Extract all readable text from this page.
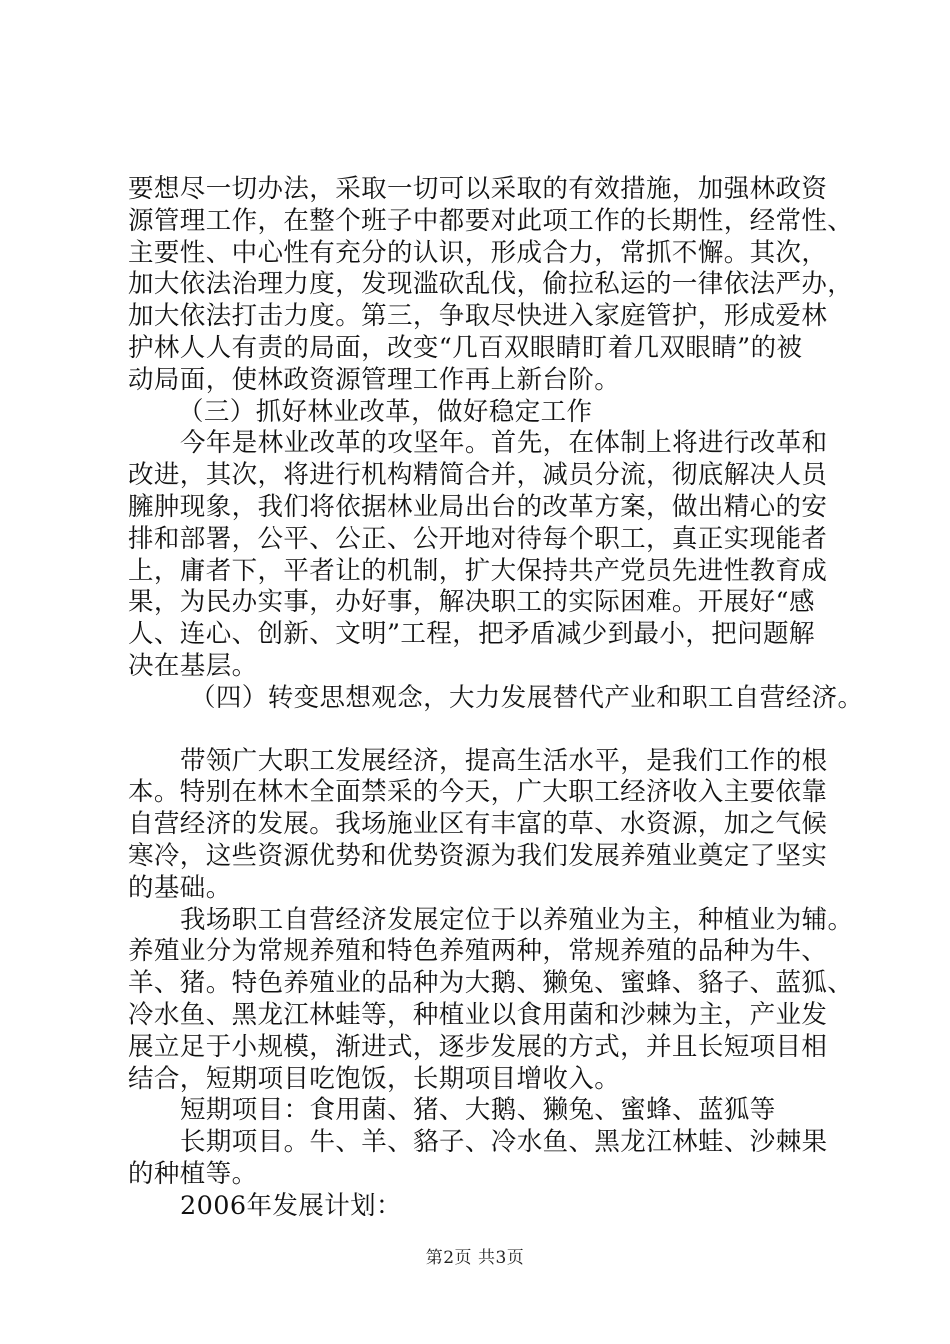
要想尽一切办法，采取一切可以采取的有效措施，加强林政资
源管理工作，在整个班子中都要对此项工作的长期性，经常性、
主要性、中心性有充分的认识，形成合力，常抓不懈。其次，
加大依法治理力度，发现滥砍乱伐，偷拉私运的一律依法严办，
加大依法打击力度。第三，争取尽快进入家庭管护，形成爱林
护林人人有责的局面，改变“几百双眼睛盯着几双眼睛”的被
动局面，使林政资源管理工作再上新台阶。
（三）抓好林业改革，做好稳定工作
今年是林业改革的攻坚年。首先，在体制上将进行改革和
改进，其次，将进行机构精简合并，减员分流，彻底解决人员
臃肿现象，我们将依据林业局出台的改革方案，做出精心的安
排和部署，公平、公正、公开地对待每个职工，真正实现能者
上，庸者下，平者让的机制，扩大保持共产党员先进性教育成
果，为民办实事，办好事，解决职工的实际困难。开展好“感
人、连心、创新、文明”工程，把矛盾减少到最小，把问题解
决在基层。
（四）转变思想观念，大力发展替代产业和职工自营经济。
带领广大职工发展经济，提高生活水平，是我们工作的根
本。特别在林木全面禁采的今天，广大职工经济收入主要依靠
自营经济的发展。我场施业区有丰富的草、水资源，加之气候
寒冷，这些资源优势和优势资源为我们发展养殖业奠定了坚实
的基础。
我场职工自营经济发展定位于以养殖业为主，种植业为辅。
养殖业分为常规养殖和特色养殖两种，常规养殖的品种为牛、
羊、猪。特色养殖业的品种为大鹅、獭兔、蜜蜂、貉子、蓝狐、
冷水鱼、黑龙江林蛙等，种植业以食用菌和沙棘为主，产业发
展立足于小规模，渐进式，逐步发展的方式，并且长短项目相
结合，短期项目吃饱饭，长期项目增收入。
短期项目：食用菌、猪、大鹅、獭兔、蜜蜂、蓝狐等
长期项目。牛、羊、貉子、冷水鱼、黑龙江林蛙、沙棘果
的种植等。
2006年发展计划：
第2页 共3页
